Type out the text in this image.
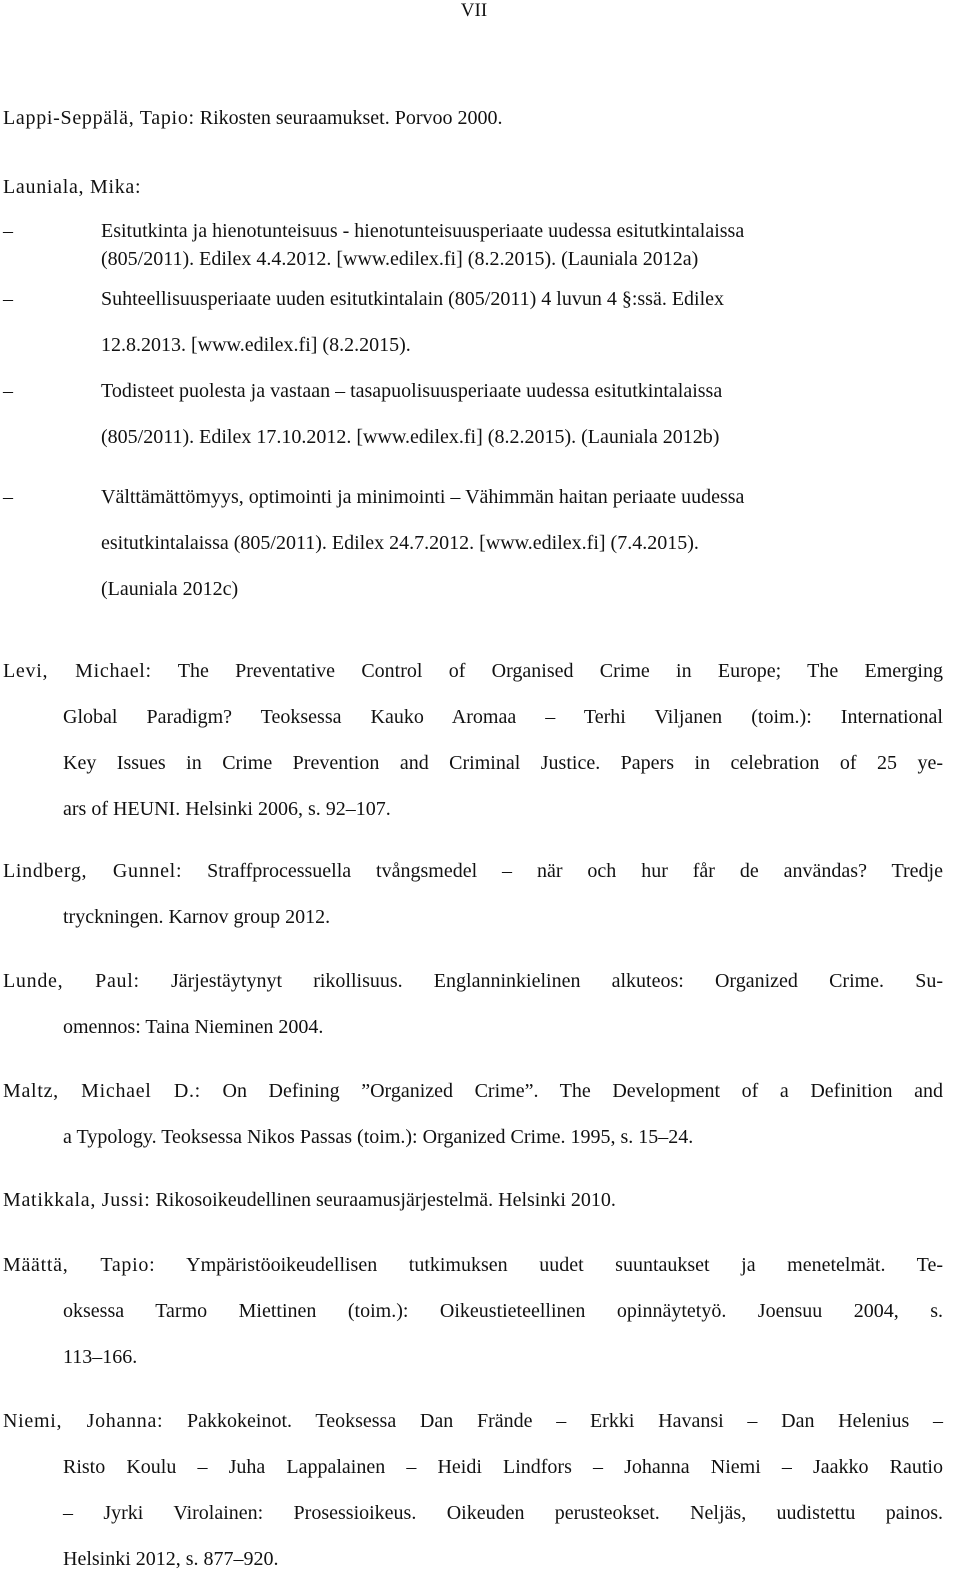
VII
Lappi-Seppälä, Tapio: Rikosten seuraamukset. Porvoo 2000.
Launiala, Mika:
–	Esitutkinta ja hienotunteisuus - hienotunteisuusperiaate uudessa esitutkintalaissa
(805/2011). Edilex 4.4.2012. [www.edilex.fi] (8.2.2015). (Launiala 2012a)
–	Suhteellisuusperiaate uuden esitutkintalain (805/2011) 4 luvun 4 §:ssä. Edilex
12.8.2013. [www.edilex.fi] (8.2.2015).
–	Todisteet puolesta ja vastaan – tasapuolisuusperiaate uudessa esitutkintalaissa
(805/2011). Edilex 17.10.2012. [www.edilex.fi] (8.2.2015). (Launiala 2012b)
–	Välttämättömyys, optimointi ja minimointi – Vähimmän haitan periaate uudessa
esitutkintalaissa (805/2011). Edilex 24.7.2012. [www.edilex.fi] (7.4.2015).
(Launiala 2012c)
Levi, Michael: The Preventative Control of Organised Crime in Europe; The Emerging
Global Paradigm? Teoksessa Kauko Aromaa – Terhi Viljanen (toim.): International
Key Issues in Crime Prevention and Criminal Justice. Papers in celebration of 25 ye-
ars of HEUNI. Helsinki 2006, s. 92–107.
Lindberg, Gunnel: Straffprocessuella tvångsmedel – när och hur får de användas? Tredje
tryckningen. Karnov group 2012.
Lunde, Paul: Järjestäytynyt rikollisuus. Englanninkielinen alkuteos: Organized Crime. Su-
omennos: Taina Nieminen 2004.
Maltz, Michael D.: On Defining ”Organized Crime”. The Development of a Definition and
a Typology. Teoksessa Nikos Passas (toim.): Organized Crime. 1995, s. 15–24.
Matikkala, Jussi: Rikosoikeudellinen seuraamusjärjestelmä. Helsinki 2010.
Määttä, Tapio: Ympäristöoikeudellisen tutkimuksen uudet suuntaukset ja menetelmät. Te-
oksessa Tarmo Miettinen (toim.): Oikeustieteellinen opinnäytetyö. Joensuu 2004, s.
113–166.
Niemi, Johanna: Pakkokeinot. Teoksessa Dan Frände – Erkki Havansi – Dan Helenius –
Risto Koulu – Juha Lappalainen – Heidi Lindfors – Johanna Niemi – Jaakko Rautio
– Jyrki Virolainen: Prosessioikeus. Oikeuden perusteokset. Neljäs, uudistettu painos.
Helsinki 2012, s. 877–920.
